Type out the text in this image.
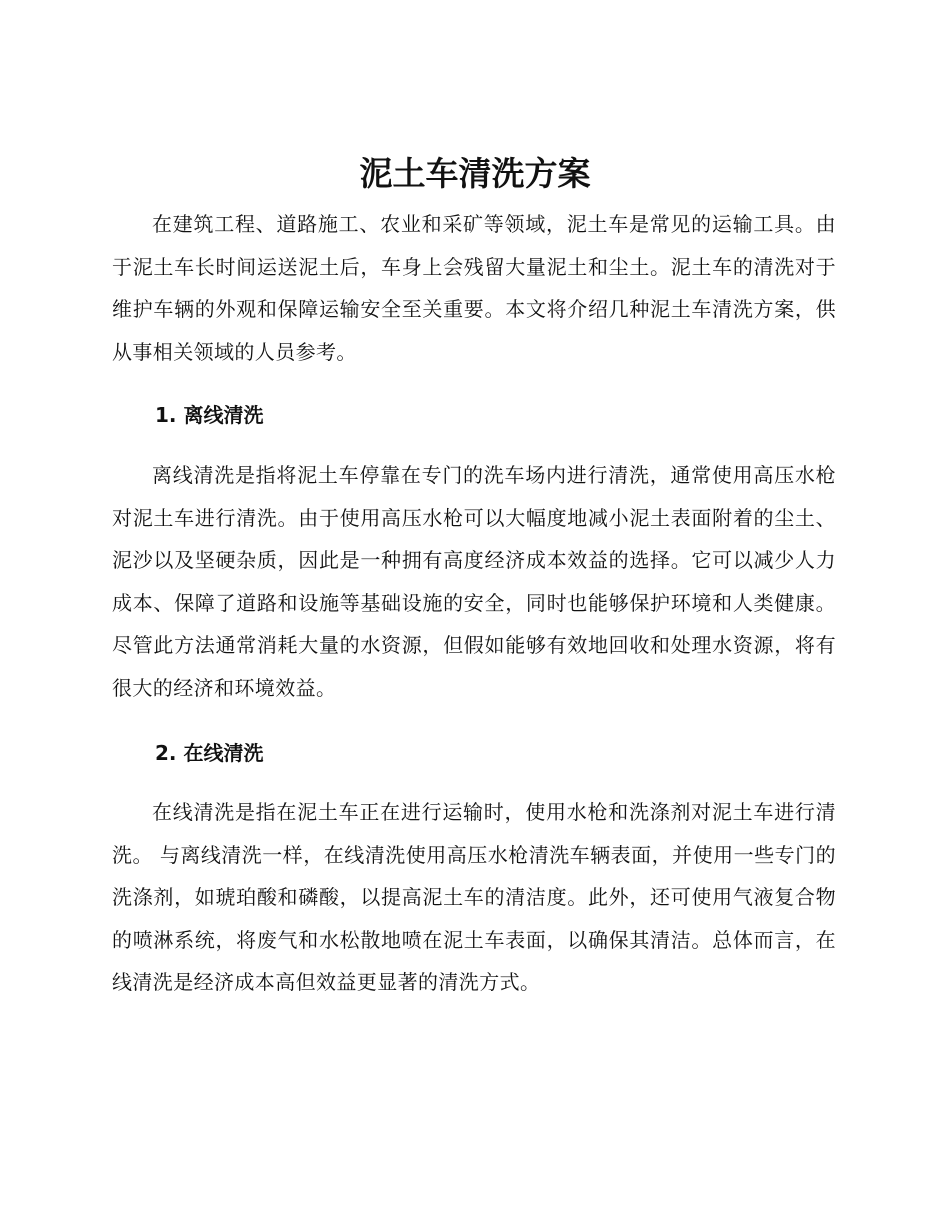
泥土车清洗方案

在建筑工程、道路施工、农业和采矿等领域，泥土车是常见的运输工具。由于泥土车长时间运送泥土后，车身上会残留大量泥土和尘土。泥土车的清洗对于维护车辆的外观和保障运输安全至关重要。本文将介绍几种泥土车清洗方案，供从事相关领域的人员参考。

1. 离线清洗

离线清洗是指将泥土车停靠在专门的洗车场内进行清洗，通常使用高压水枪对泥土车进行清洗。由于使用高压水枪可以大幅度地减小泥土表面附着的尘土、泥沙以及坚硬杂质，因此是一种拥有高度经济成本效益的选择。它可以减少人力成本、保障了道路和设施等基础设施的安全，同时也能够保护环境和人类健康。尽管此方法通常消耗大量的水资源，但假如能够有效地回收和处理水资源，将有很大的经济和环境效益。

2. 在线清洗

在线清洗是指在泥土车正在进行运输时，使用水枪和洗涤剂对泥土车进行清洗。 与离线清洗一样，在线清洗使用高压水枪清洗车辆表面，并使用一些专门的洗涤剂，如琥珀酸和磷酸，以提高泥土车的清洁度。此外，还可使用气液复合物的喷淋系统，将废气和水松散地喷在泥土车表面，以确保其清洁。总体而言，在线清洗是经济成本高但效益更显著的清洗方式。
